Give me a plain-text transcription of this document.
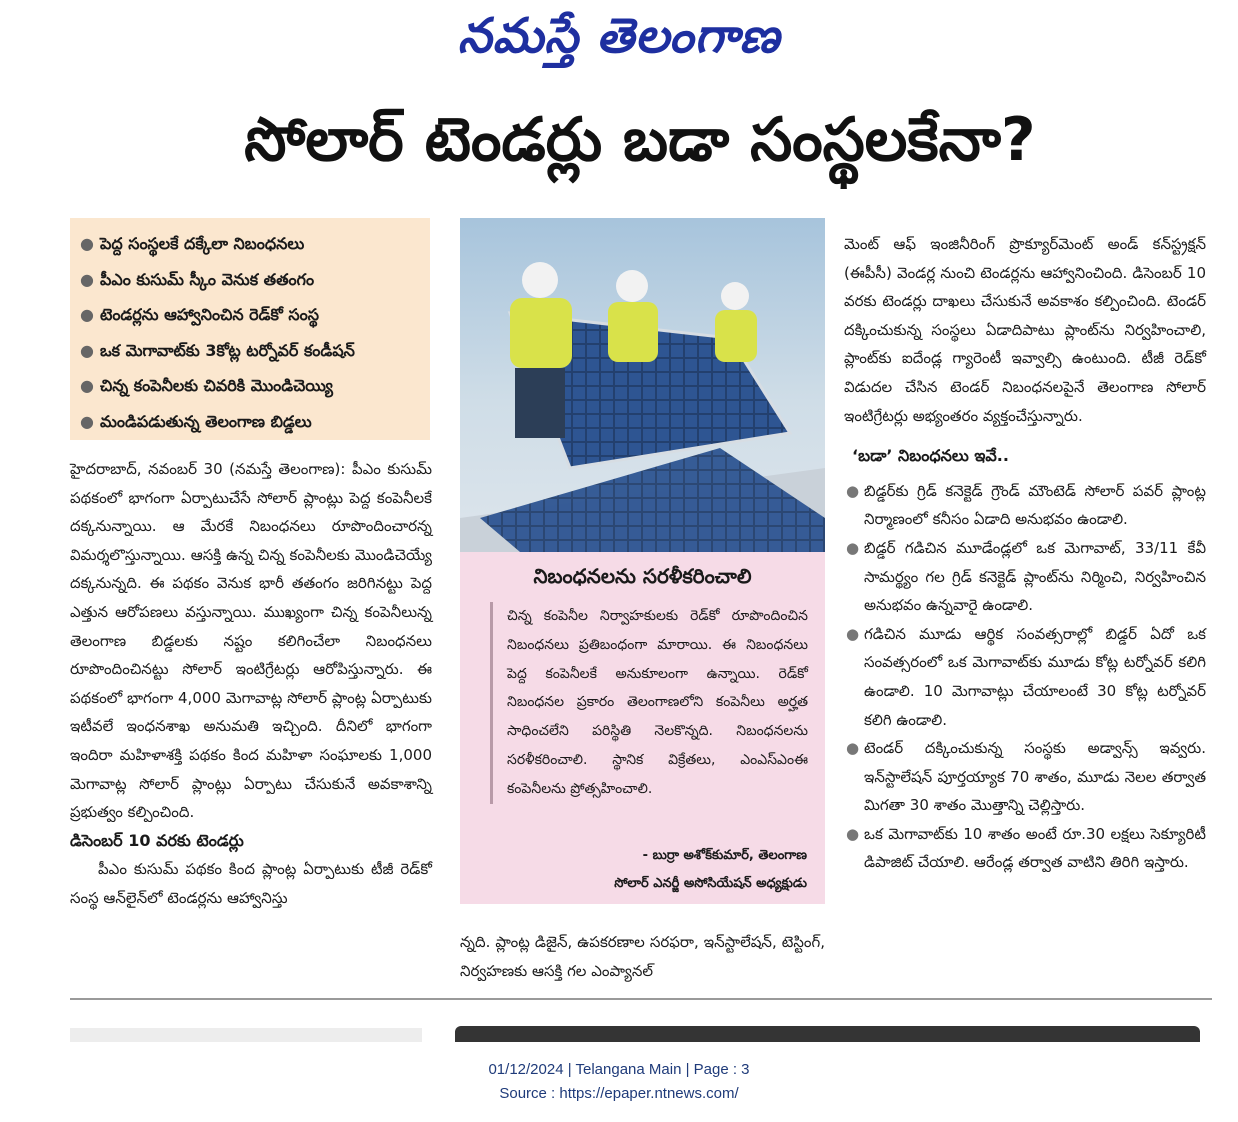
నమస్తే తెలంగాణ
సోలార్ టెండర్లు బడా సంస్థలకేనా?
● పెద్ద సంస్థలకే దక్కేలా నిబంధనలు
● పీఎం కుసుమ్ స్కీం వెనుక తతంగం
● టెండర్లను ఆహ్వానించిన రెడ్‌కో సంస్థ
● ఒక మెగావాట్‌కు 3కోట్ల టర్నోవర్ కండీషన్
● చిన్న కంపెనీలకు చివరికి మొండిచెయ్యి
● మండిపడుతున్న తెలంగాణ బిడ్డలు

హైదరాబాద్, నవంబర్ 30 (నమస్తే తెలంగాణ): పీఎం కుసుమ్ పథకంలో భాగంగా ఏర్పాటుచేసే సోలార్ ప్లాంట్లు పెద్ద కంపెనీలకే దక్కనున్నాయి. ఆ మేరకే నిబంధనలు రూపొందించారన్న విమర్శలొస్తున్నాయి. ఆసక్తి ఉన్న చిన్న కంపెనీలకు మొండిచెయ్యే దక్కనున్నది. ఈ పథకం వెనుక భారీ తతంగం జరిగినట్టు పెద్ద ఎత్తున ఆరోపణలు వస్తున్నాయి. ముఖ్యంగా చిన్న కంపెనీలున్న తెలంగాణ బిడ్డలకు నష్టం కలిగించేలా నిబంధనలు రూపొందించినట్టు సోలార్ ఇంటిగ్రేటర్లు ఆరోపిస్తున్నారు. ఈ పథకంలో భాగంగా 4,000 మెగావాట్ల సోలార్ ప్లాంట్ల ఏర్పాటుకు ఇటీవలే ఇంధనశాఖ అనుమతి ఇచ్చింది. దీనిలో భాగంగా ఇందిరా మహిళాశక్తి పథకం కింద మహిళా సంఘాలకు 1,000 మెగావాట్ల సోలార్ ప్లాంట్లు ఏర్పాటు చేసుకునే అవకాశాన్ని ప్రభుత్వం కల్పించింది.

డిసెంబర్ 10 వరకు టెండర్లు

పీఎం కుసుమ్ పథకం కింద ప్లాంట్ల ఏర్పాటుకు టీజీ రెడ్‌కో సంస్థ ఆన్‌లైన్‌లో టెండర్లను ఆహ్వానిస్తు

నిబంధనలను సరళీకరించాలి

చిన్న కంపెనీల నిర్వాహకులకు రెడ్‌కో రూపొందించిన నిబంధనలు ప్రతిబంధంగా మారాయి. ఈ నిబంధనలు పెద్ద కంపెనీలకే అనుకూలంగా ఉన్నాయి. రెడ్‌కో నిబంధనల ప్రకారం తెలంగాణలోని కంపెనీలు అర్హత సాధించలేని పరిస్థితి నెలకొన్నది. నిబంధనలను సరళీకరించాలి. స్థానిక విక్రేతలు, ఎంఎస్‌ఎంఈ కంపెనీలను ప్రోత్సహించాలి.

- బుర్రా అశోక్‌కుమార్, తెలంగాణ
సోలార్ ఎనర్జీ అసోసియేషన్ అధ్యక్షుడు

న్నది. ప్లాంట్ల డిజైన్, ఉపకరణాల సరఫరా, ఇన్‌స్టాలేషన్, టెస్టింగ్, నిర్వహణకు ఆసక్తి గల ఎంప్యానల్

మెంట్ ఆఫ్ ఇంజినీరింగ్ ప్రొక్యూర్‌మెంట్ అండ్ కన్‌స్ట్రక్షన్ (ఈపీసీ) వెండర్ల నుంచి టెండర్లను ఆహ్వానించింది. డిసెంబర్ 10 వరకు టెండర్లు దాఖలు చేసుకునే అవకాశం కల్పించింది. టెండర్ దక్కించుకున్న సంస్థలు ఏడాదిపాటు ప్లాంట్‌ను నిర్వహించాలి, ప్లాంట్‌కు ఐదేండ్ల గ్యారెంటీ ఇవ్వాల్సి ఉంటుంది. టీజీ రెడ్‌కో విడుదల చేసిన టెండర్ నిబంధనలపైనే తెలంగాణ సోలార్ ఇంటిగ్రేటర్లు అభ్యంతరం వ్యక్తంచేస్తున్నారు.

‘బడా’ నిబంధనలు ఇవే..

● బిడ్డర్‌కు గ్రిడ్ కనెక్టెడ్ గ్రౌండ్ మౌంటెడ్ సోలార్ పవర్ ప్లాంట్ల నిర్మాణంలో కనీసం ఏడాది అనుభవం ఉండాలి.
● బిడ్డర్ గడిచిన మూడేండ్లలో ఒక మెగావాట్, 33/11 కేవీ సామర్థ్యం గల గ్రిడ్ కనెక్టెడ్ ప్లాంట్‌ను నిర్మించి, నిర్వహించిన అనుభవం ఉన్నవారై ఉండాలి.
● గడిచిన మూడు ఆర్థిక సంవత్సరాల్లో బిడ్డర్ ఏదో ఒక సంవత్సరంలో ఒక మెగావాట్‌కు మూడు కోట్ల టర్నోవర్ కలిగి ఉండాలి. 10 మెగావాట్లు చేయాలంటే 30 కోట్ల టర్నోవర్ కలిగి ఉండాలి.
● టెండర్ దక్కించుకున్న సంస్థకు అడ్వాన్స్ ఇవ్వరు. ఇన్‌స్టాలేషన్ పూర్తయ్యాక 70 శాతం, మూడు నెలల తర్వాత మిగతా 30 శాతం మొత్తాన్ని చెల్లిస్తారు.
● ఒక మెగావాట్‌కు 10 శాతం అంటే రూ.30 లక్షలు సెక్యూరిటీ డిపాజిట్ చేయాలి. ఆరేండ్ల తర్వాత వాటిని తిరిగి ఇస్తారు.
01/12/2024 | Telangana Main | Page : 3
Source : https://epaper.ntnews.com/
